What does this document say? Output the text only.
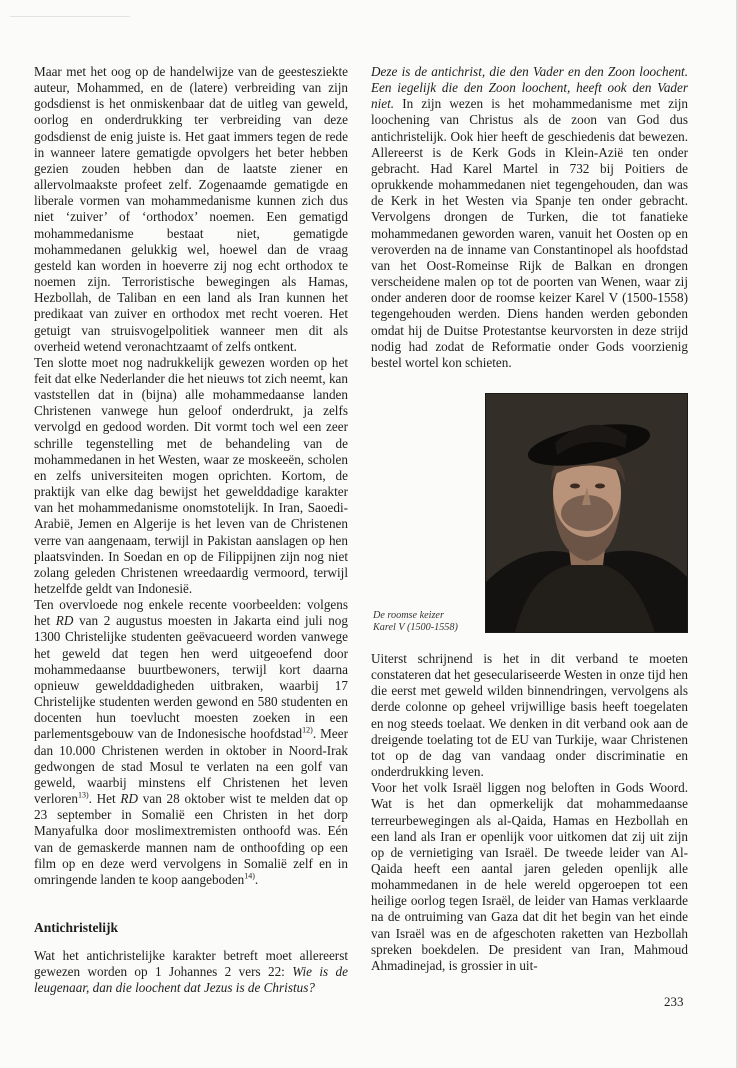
Maar met het oog op de handelwijze van de geestesziekte auteur, Mohammed, en de (latere) verbreiding van zijn godsdienst is het onmiskenbaar dat de uitleg van geweld, oorlog en onderdrukking ter verbreiding van deze godsdienst de enig juiste is. Het gaat immers tegen de rede in wanneer latere gematigde opvolgers het beter hebben gezien zouden hebben dan de laatste ziener en allervolmaakste profeet zelf. Zogenaamde gematigde en liberale vormen van mohammedanisme kunnen zich dus niet ‘zuiver’ of ‘orthodox’ noemen. Een gematigd mohammedanisme bestaat niet, gematigde mohammedanen gelukkig wel, hoewel dan de vraag gesteld kan worden in hoeverre zij nog echt orthodox te noemen zijn. Terroristische bewegingen als Hamas, Hezbollah, de Taliban en een land als Iran kunnen het predikaat van zuiver en orthodox met recht voeren. Het getuigt van struisvogelpolitiek wanneer men dit als overheid wetend veronachtzaamt of zelfs ontkent.

Ten slotte moet nog nadrukkelijk gewezen worden op het feit dat elke Nederlander die het nieuws tot zich neemt, kan vaststellen dat in (bijna) alle mohammedaanse landen Christenen vanwege hun geloof onderdrukt, ja zelfs vervolgd en gedood worden. Dit vormt toch wel een zeer schrille tegenstelling met de behandeling van de mohammedanen in het Westen, waar ze moskeeën, scholen en zelfs universiteiten mogen oprichten. Kortom, de praktijk van elke dag bewijst het gewelddadige karakter van het mohammedanisme onomstotelijk. In Iran, Saoedi-Arabië, Jemen en Algerije is het leven van de Christenen verre van aangenaam, terwijl in Pakistan aanslagen op hen plaatsvinden. In Soedan en op de Filippijnen zijn nog niet zolang geleden Christenen wreedaardig vermoord, terwijl hetzelfde geldt van Indonesië.

Ten overvloede nog enkele recente voorbeelden: volgens het RD van 2 augustus moesten in Jakarta eind juli nog 1300 Christelijke studenten geëvacueerd worden vanwege het geweld dat tegen hen werd uitgeoefend door mohammedaanse buurtbewoners, terwijl kort daarna opnieuw gewelddadigheden uitbraken, waarbij 17 Christelijke studenten werden gewond en 580 studenten en docenten hun toevlucht moesten zoeken in een parlementsgebouw van de Indonesische hoofdstad$^{12)}$. Meer dan 10.000 Christenen werden in oktober in Noord-Irak gedwongen de stad Mosul te verlaten na een golf van geweld, waarbij minstens elf Christenen het leven verloren$^{13)}$. Het RD van 28 oktober wist te melden dat op 23 september in Somalië een Christen in het dorp Manyafulka door moslimextremisten onthoofd was. Eén van de gemaskerde mannen nam de onthoofding op een film op en deze werd vervolgens in Somalië zelf en in omringende landen te koop aangeboden$^{14)}$.

Antichristelijk

Wat het antichristelijke karakter betreft moet allereerst gewezen worden op 1 Johannes 2 vers 22: Wie is de leugenaar, dan die loochent dat Jezus is de Christus?

Deze is de antichrist, die den Vader en den Zoon loochent. Een iegelijk die den Zoon loochent, heeft ook den Vader niet. In zijn wezen is het mohammedanisme met zijn loochening van Christus als de zoon van God dus antichristelijk. Ook hier heeft de geschiedenis dat bewezen. Allereerst is de Kerk Gods in Klein-Azië ten onder gebracht. Had Karel Martel in 732 bij Poitiers de oprukkende mohammedanen niet tegengehouden, dan was de Kerk in het Westen via Spanje ten onder gebracht. Vervolgens drongen de Turken, die tot fanatieke mohammedanen geworden waren, vanuit het Oosten op en veroverden na de inname van Constantinopel als hoofdstad van het Oost-Romeinse Rijk de Balkan en drongen verscheidene malen op tot de poorten van Wenen, waar zij onder anderen door de roomse keizer Karel V (1500-1558) tegengehouden werden. Diens handen werden gebonden omdat hij de Duitse Protestantse keurvorsten in deze strijd nodig had zodat de Reformatie onder Gods voorzienig bestel wortel kon schieten.

De roomse keizer
Karel V (1500-1558)

Uiterst schrijnend is het in dit verband te moeten constateren dat het geseculariseerde Westen in onze tijd hen die eerst met geweld wilden binnendringen, vervolgens als derde colonne op geheel vrijwillige basis heeft toegelaten en nog steeds toelaat. We denken in dit verband ook aan de dreigende toelating tot de EU van Turkije, waar Christenen tot op de dag van vandaag onder discriminatie en onderdrukking leven.

Voor het volk Israël liggen nog beloften in Gods Woord. Wat is het dan opmerkelijk dat mohammedaanse terreurbewegingen als al-Qaida, Hamas en Hezbollah en een land als Iran er openlijk voor uitkomen dat zij uit zijn op de vernietiging van Israël. De tweede leider van Al-Qaida heeft een aantal jaren geleden openlijk alle mohammedanen in de hele wereld opgeroepen tot een heilige oorlog tegen Israël, de leider van Hamas verklaarde na de ontruiming van Gaza dat dit het begin van het einde van Israël was en de afgeschoten raketten van Hezbollah spreken boekdelen. De president van Iran, Mahmoud Ahmadinejad, is grossier in uit-

233
